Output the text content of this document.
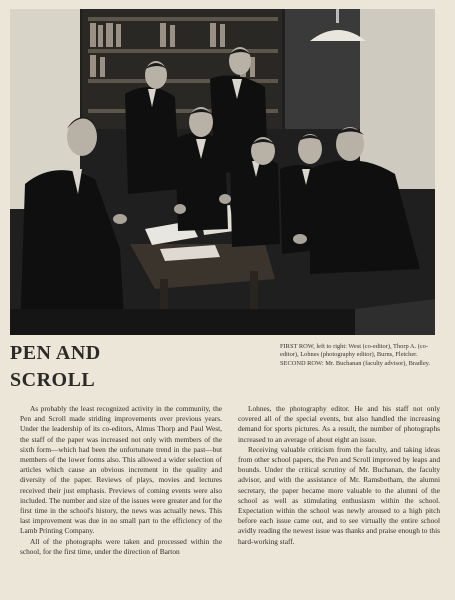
PEN AND
SCROLL

FIRST ROW, left to right: West (co-editor), Thorp A. (co-editor), Lohnes (photography editor), Burns, Fletcher. SECOND ROW: Mr. Buchanan (faculty advisor), Bradley.

As probably the least recognized activity in the community, the Pen and Scroll made striding improvements over previous years. Under the leadership of its co-editors, Almus Thorp and Paul West, the staff of the paper was increased not only with members of the sixth form—which had been the unfortunate trend in the past—but members of the lower forms also. This allowed a wider selection of articles which cause an obvious increment in the quality and diversity of the paper. Reviews of plays, movies and lectures received their just emphasis. Previews of coming events were also included. The number and size of the issues were greater and for the first time in the school's history, the news was actually news. This last improvement was due in no small part to the efficiency of the Lamb Printing Company.

All of the photographs were taken and processed within the school, for the first time, under the direction of Barton

Lohnes, the photography editor. He and his staff not only covered all of the special events, but also handled the increasing demand for sports pictures. As a result, the number of photographs increased to an average of about eight an issue.

Receiving valuable criticism from the faculty, and taking ideas from other school papers, the Pen and Scroll improved by leaps and bounds. Under the critical scrutiny of Mr. Buchanan, the faculty advisor, and with the assistance of Mr. Ramsbotham, the alumni secretary, the paper became more valuable to the alumni of the school as well as stimulating enthusiasm within the school. Expectation within the school was newly aroused to a high pitch before each issue came out, and to see virtually the entire school avidly reading the newest issue was thanks and praise enough to this hard-working staff.
